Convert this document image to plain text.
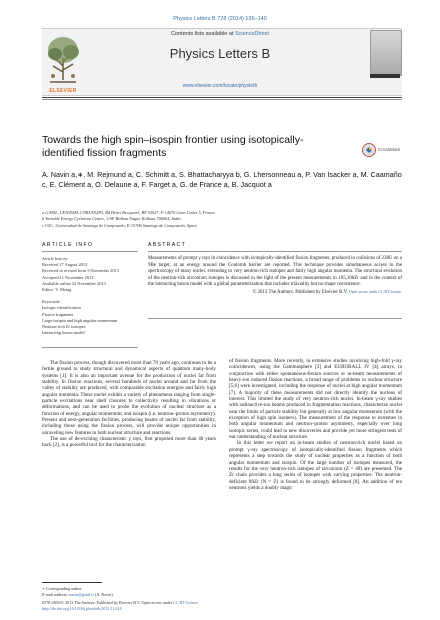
Physics Letters B 728 (2014) 136–140
ELSEVIER
Contents lists available at ScienceDirect
Physics Letters B
www.elsevier.com/locate/physletb
Towards the high spin–isospin frontier using isotopically-identified fission fragments	CrossMark
A. Navin a,∗, M. Rejmund a, C. Schmitt a, S. Bhattacharyya b, G. Lhersonneau a, P. Van Isacker a, M. Caamaño c, E. Clément a, O. Delaune a, F. Farget a, G. de France a, B. Jacquot a
a GANIL, CEA/DSM–CNRS/IN2P3, Bd Henri Becquerel, BP 55027, F-14076 Caen Cedex 5, France
b Variable Energy Cyclotron Centre, 1/AF Bidhan Nagar, Kolkata 700064, India
c USC, Universidad de Santiago de Compostela, E-15706 Santiago de Compostela, Spain
ARTICLE INFO	ABSTRACT
Article history:
Received 27 August 2013
Received in revised form 5 November 2013
Accepted 11 November 2013
Available online 22 November 2013
Editor: V. Metag
Keywords:
Isotopic identification
Fission fragments
Large isospin and high angular momentum
Neutron-rich Zr isotopes
Interacting boson model
Measurements of prompt γ rays in coincidence with isotopically-identified fission fragments, produced in collisions of 238U on a 9Be target, at an energy around the Coulomb barrier are reported. This technique provides simultaneous access to the spectroscopy of many nuclei, extending to very neutron-rich isotopes and fairly high angular momenta. The structural evolution of the neutron-rich zirconium isotopes is discussed in the light of the present measurements in 105,106Zr and in the context of the interacting boson model with a global parameterization that includes triaxiality but no shape coexistence.
© 2013 The Authors. Published by Elsevier B.V. Open access under CC BY license.

The fission process, though discovered more than 70 years ago, continues to be a fertile ground to study structural and dynamical aspects of quantum many-body systems [1]. It is also an important avenue for the production of nuclei far from stability. In fission reactions, several hundreds of nuclei around and far from the valley of stability are produced, with comparable excitation energies and fairly high angular momenta. These nuclei exhibit a variety of phenomena ranging from single-particle excitations near shell closures to collectivity resulting in vibrations or deformations, and can be used to probe the evolution of nuclear structure as a function of energy, angular momentum, and isospin (i.e. neutron–proton asymmetry). Present and next-generation facilities, producing beams of nuclei far from stability, including those using the fission process, will provide unique opportunities in unraveling new features in both nuclear structure and reactions.

The use of de-exciting characteristic γ rays, first proposed more than 40 years back [2], is a powerful tool for the characterization

of fission fragments. More recently, in extensive studies involving high-fold γ-ray coincidences, using the Gammasphere [3] and EUROBALL IV [4] arrays, in conjunction with either spontaneous-fission sources or in-beam measurements of heavy-ion induced fission reactions, a broad range of problems in nuclear structure [5,6] were investigated, including the response of nuclei at high angular momentum [7]. A majority of these measurements did not directly identify the nucleus of interest. This limited the study of very neutron-rich nuclei. In-beam γ-ray studies with radioactive-ion beams produced in fragmentation reactions, characterize nuclei near the limits of particle stability but generally at low angular momentum (with the exception of high spin isomers). The measurement of the response to extremes in both angular momentum and neutron–proton asymmetry, especially over long isotopic series, could lead to new discoveries and provide yet more stringent tests of our understanding of nuclear structure.

In this letter we report on in-beam studies of neutron-rich nuclei based on prompt γ-ray spectroscopy of isotopically-identified fission fragments which represents a step towards the study of nuclear properties as a function of both angular momentum and isospin. Of the large number of isotopes measured, the results for the very neutron-rich isotopes of zirconium (Z = 40) are presented. The Zr chain provides a long series of isotopes with varying properties: The neutron-deficient 80Zr (N = Z) is found to be strongly deformed [8]. An addition of ten neutrons yields a doubly magic

∗ Corresponding author.
E-mail address: navin@ganil.fr (A. Navin).
0370-2693/© 2013 The Authors. Published by Elsevier B.V. Open access under CC BY license.
http://dx.doi.org/10.1016/j.physletb.2013.11.024
